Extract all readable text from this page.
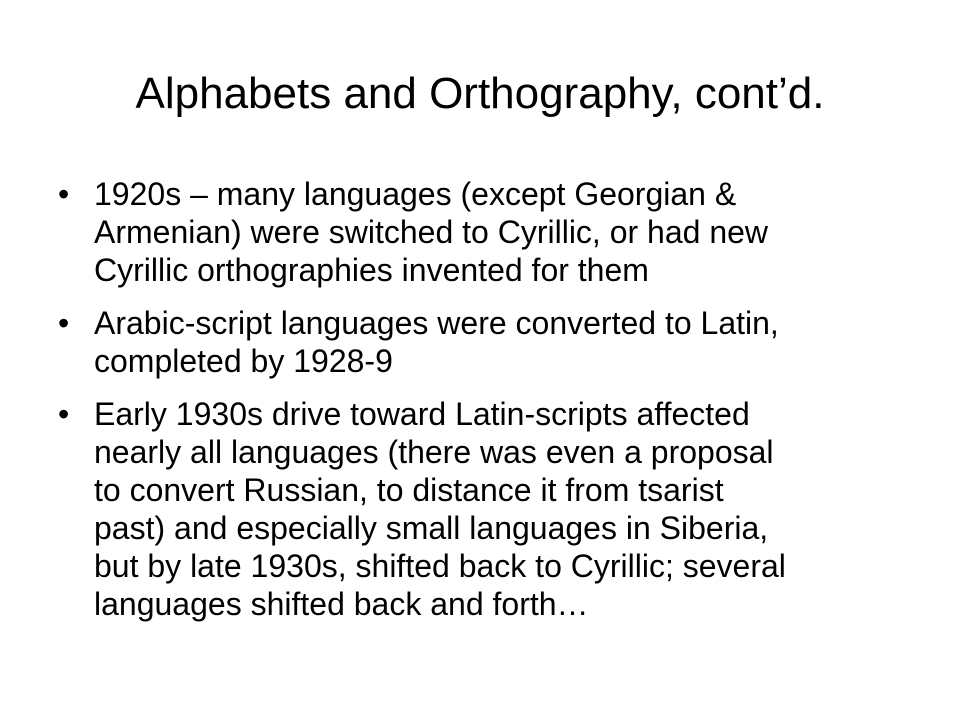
Alphabets and Orthography, cont’d.
• 1920s – many languages (except Georgian &
Armenian) were switched to Cyrillic, or had new
Cyrillic orthographies invented for them
• Arabic-script languages were converted to Latin,
completed by 1928-9
• Early 1930s drive toward Latin-scripts affected
nearly all languages (there was even a proposal
to convert Russian, to distance it from tsarist
past) and especially small languages in Siberia,
but by late 1930s, shifted back to Cyrillic; several
languages shifted back and forth…
